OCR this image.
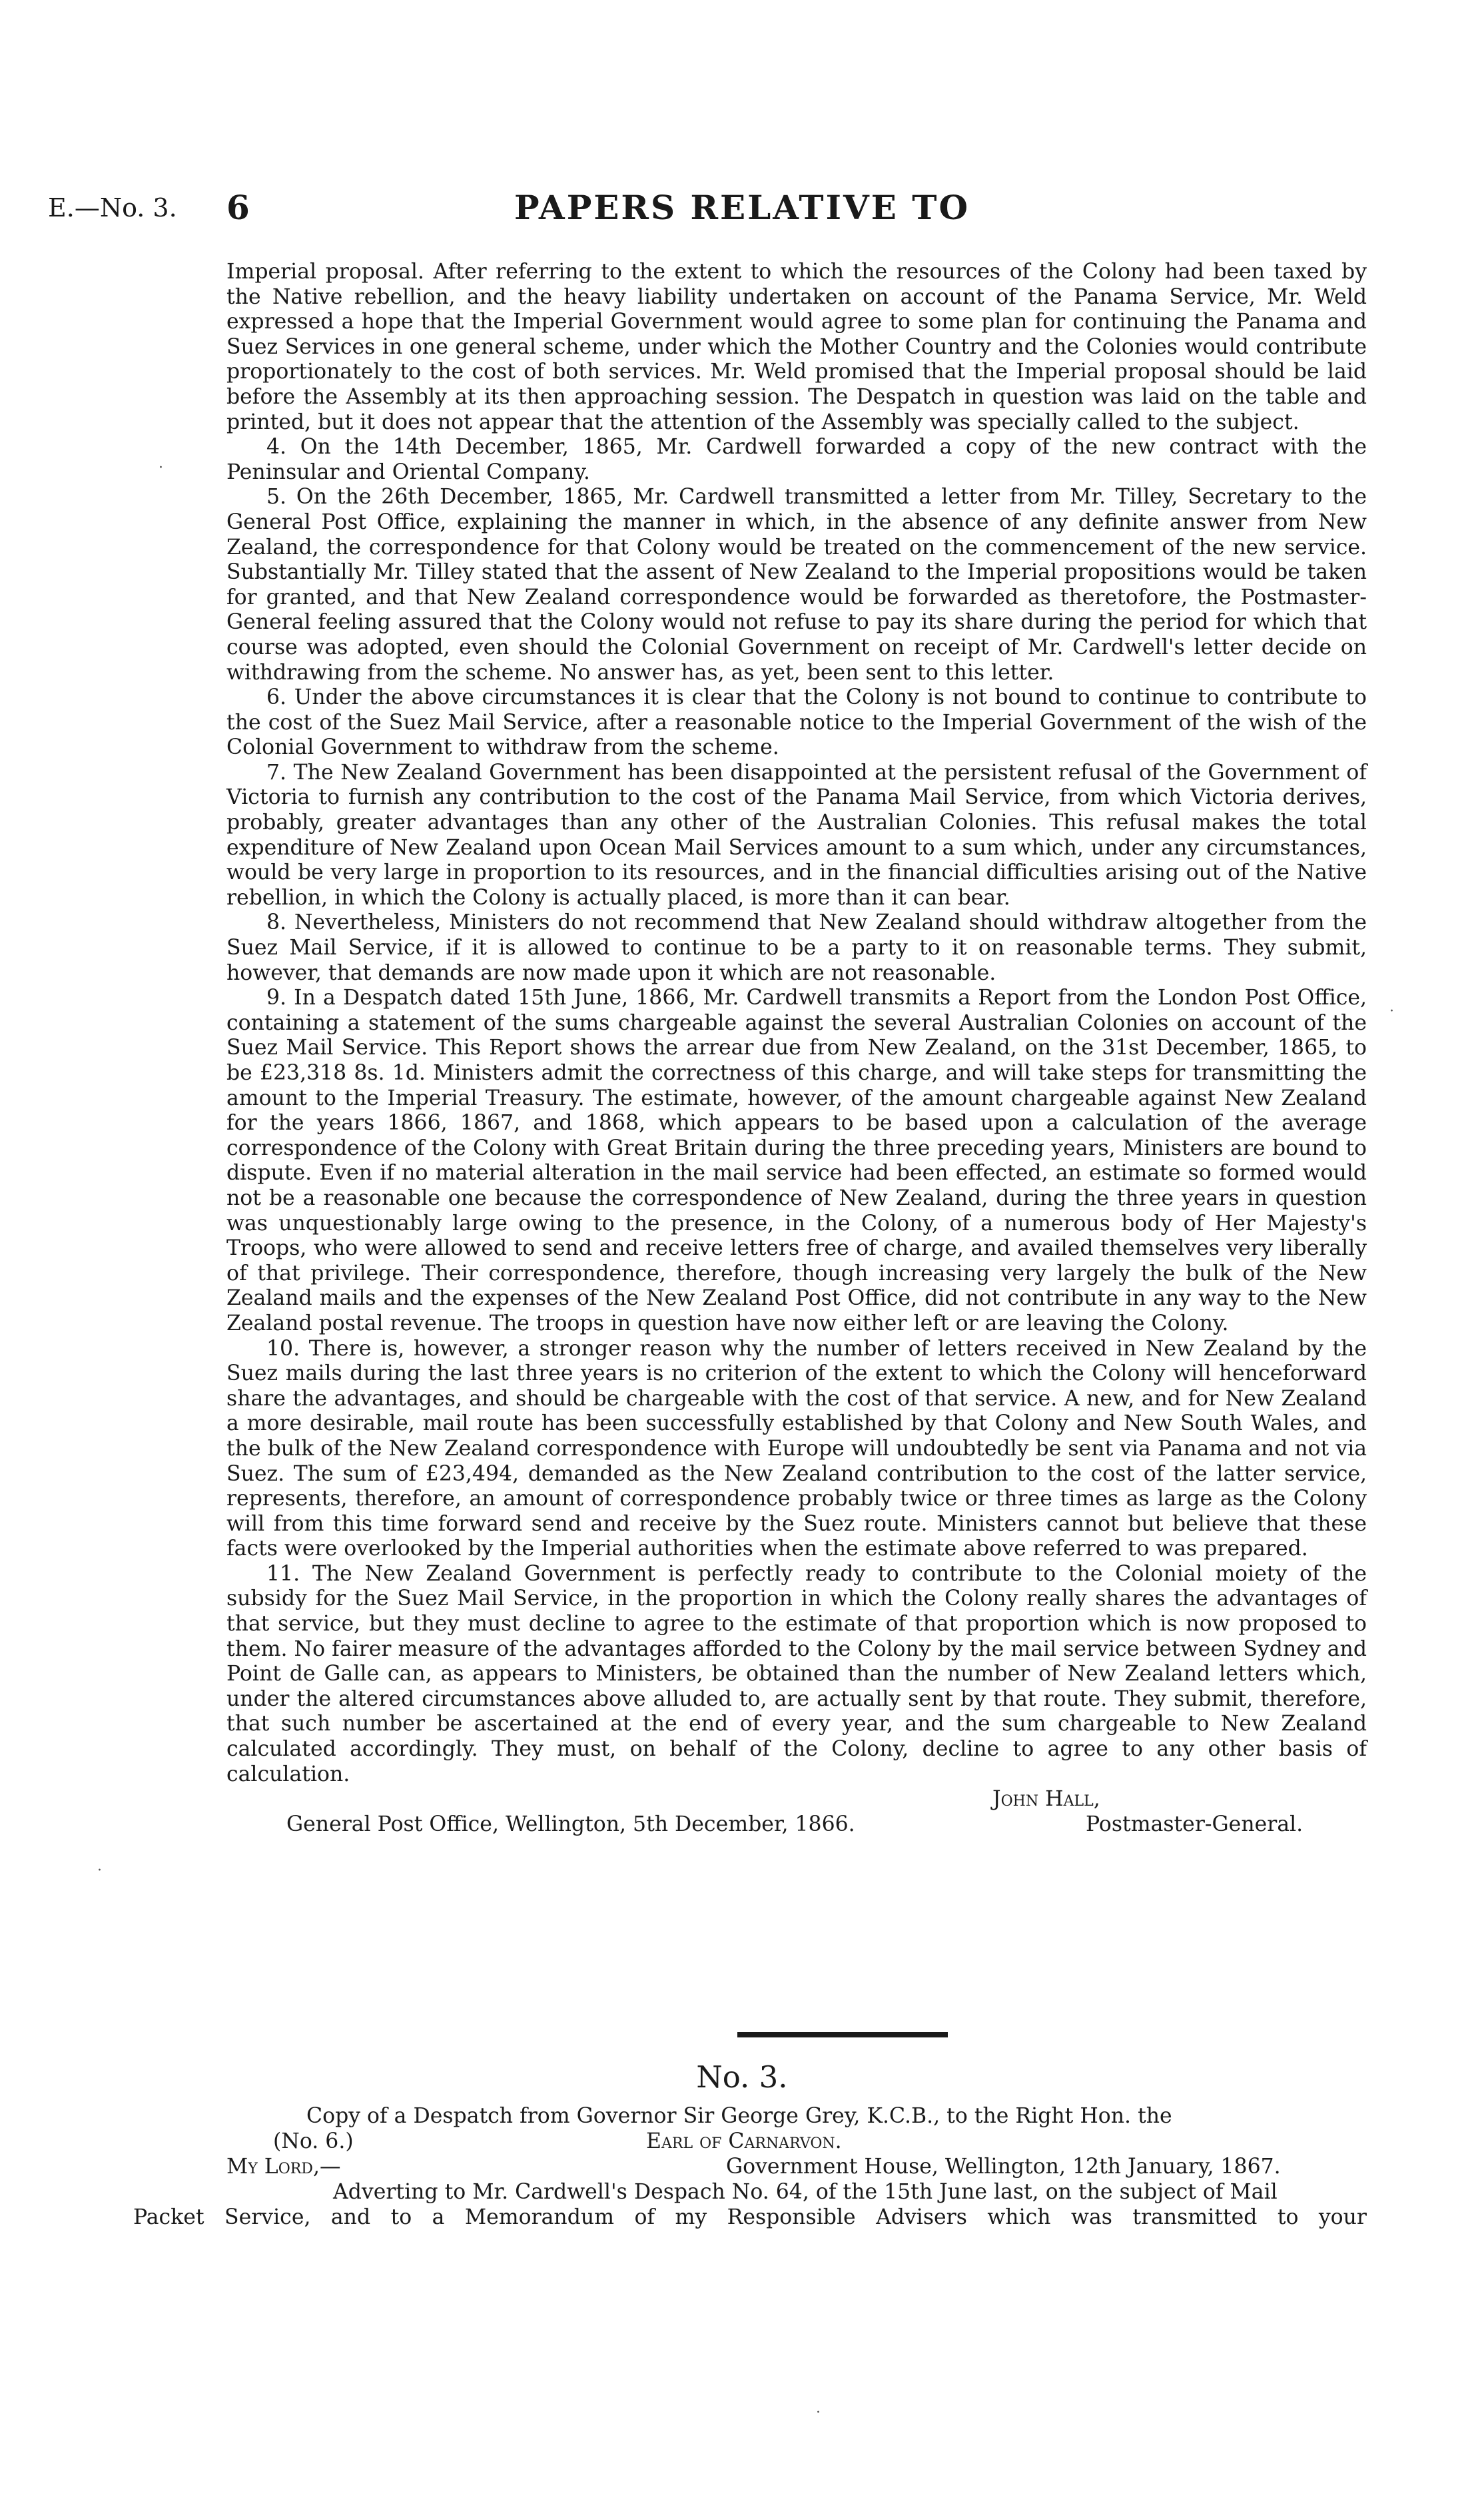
E.—No. 3. 6	PAPERS RELATIVE TO

Imperial proposal. After referring to the extent to which the resources of the Colony had been taxed by the Native rebellion, and the heavy liability undertaken on account of the Panama Service, Mr. Weld expressed a hope that the Imperial Government would agree to some plan for continuing the Panama and Suez Services in one general scheme, under which the Mother Country and the Colonies would contribute proportionately to the cost of both services. Mr. Weld promised that the Imperial proposal should be laid before the Assembly at its then approaching session. The Despatch in question was laid on the table and printed, but it does not appear that the attention of the Assembly was specially called to the subject.

4. On the 14th December, 1865, Mr. Cardwell forwarded a copy of the new contract with the Peninsular and Oriental Company.

5. On the 26th December, 1865, Mr. Cardwell transmitted a letter from Mr. Tilley, Secretary to the General Post Office, explaining the manner in which, in the absence of any definite answer from New Zealand, the correspondence for that Colony would be treated on the commencement of the new service. Substantially Mr. Tilley stated that the assent of New Zealand to the Imperial propositions would be taken for granted, and that New Zealand correspondence would be forwarded as theretofore, the Postmaster-General feeling assured that the Colony would not refuse to pay its share during the period for which that course was adopted, even should the Colonial Government on receipt of Mr. Cardwell's letter decide on withdrawing from the scheme. No answer has, as yet, been sent to this letter.

6. Under the above circumstances it is clear that the Colony is not bound to continue to contribute to the cost of the Suez Mail Service, after a reasonable notice to the Imperial Government of the wish of the Colonial Government to withdraw from the scheme.

7. The New Zealand Government has been disappointed at the persistent refusal of the Government of Victoria to furnish any contribution to the cost of the Panama Mail Service, from which Victoria derives, probably, greater advantages than any other of the Australian Colonies. This refusal makes the total expenditure of New Zealand upon Ocean Mail Services amount to a sum which, under any circumstances, would be very large in proportion to its resources, and in the financial difficulties arising out of the Native rebellion, in which the Colony is actually placed, is more than it can bear.

8. Nevertheless, Ministers do not recommend that New Zealand should withdraw altogether from the Suez Mail Service, if it is allowed to continue to be a party to it on reasonable terms. They submit, however, that demands are now made upon it which are not reasonable.

9. In a Despatch dated 15th June, 1866, Mr. Cardwell transmits a Report from the London Post Office, containing a statement of the sums chargeable against the several Australian Colonies on account of the Suez Mail Service. This Report shows the arrear due from New Zealand, on the 31st December, 1865, to be £23,318 8s. 1d. Ministers admit the correctness of this charge, and will take steps for transmitting the amount to the Imperial Treasury. The estimate, however, of the amount chargeable against New Zealand for the years 1866, 1867, and 1868, which appears to be based upon a calculation of the average correspondence of the Colony with Great Britain during the three preceding years, Ministers are bound to dispute. Even if no material alteration in the mail service had been effected, an estimate so formed would not be a reasonable one because the correspondence of New Zealand, during the three years in question was unquestionably large owing to the presence, in the Colony, of a numerous body of Her Majesty's Troops, who were allowed to send and receive letters free of charge, and availed themselves very liberally of that privilege. Their correspondence, therefore, though increasing very largely the bulk of the New Zealand mails and the expenses of the New Zealand Post Office, did not contribute in any way to the New Zealand postal revenue. The troops in question have now either left or are leaving the Colony.

10. There is, however, a stronger reason why the number of letters received in New Zealand by the Suez mails during the last three years is no criterion of the extent to which the Colony will henceforward share the advantages, and should be chargeable with the cost of that service. A new, and for New Zealand a more desirable, mail route has been successfully established by that Colony and New South Wales, and the bulk of the New Zealand correspondence with Europe will undoubtedly be sent via Panama and not via Suez. The sum of £23,494, demanded as the New Zealand contribution to the cost of the latter service, represents, therefore, an amount of correspondence probably twice or three times as large as the Colony will from this time forward send and receive by the Suez route. Ministers cannot but believe that these facts were overlooked by the Imperial authorities when the estimate above referred to was prepared.

11. The New Zealand Government is perfectly ready to contribute to the Colonial moiety of the subsidy for the Suez Mail Service, in the proportion in which the Colony really shares the advantages of that service, but they must decline to agree to the estimate of that proportion which is now proposed to them. No fairer measure of the advantages afforded to the Colony by the mail service between Sydney and Point de Galle can, as appears to Ministers, be obtained than the number of New Zealand letters which, under the altered circumstances above alluded to, are actually sent by that route. They submit, therefore, that such number be ascertained at the end of every year, and the sum chargeable to New Zealand calculated accordingly. They must, on behalf of the Colony, decline to agree to any other basis of calculation.

John Hall,
General Post Office, Wellington, 5th December, 1866.	Postmaster-General.
No. 3.
Copy of a Despatch from Governor Sir George Grey, K.C.B., to the Right Hon. the
(No. 6.)	Earl of Carnarvon.
My Lord,—	Government House, Wellington, 12th January, 1867.

Adverting to Mr. Cardwell's Despach No. 64, of the 15th June last, on the subject of Mail

Packet Service, and to a Memorandum of my Responsible Advisers which was transmitted to your

·
·
·
·
